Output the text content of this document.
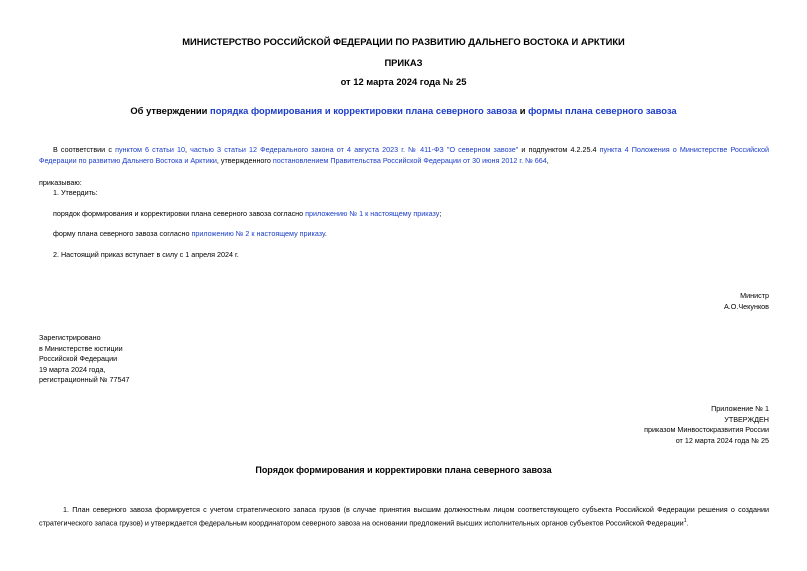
МИНИСТЕРСТВО РОССИЙСКОЙ ФЕДЕРАЦИИ ПО РАЗВИТИЮ ДАЛЬНЕГО ВОСТОКА И АРКТИКИ
ПРИКАЗ
от 12 марта 2024 года № 25
Об утверждении порядка формирования и корректировки плана северного завоза и формы плана северного завоза
В соответствии с пунктом 6 статьи 10, частью 3 статьи 12 Федерального закона от 4 августа 2023 г. № 411-ФЗ "О северном завозе" и подпунктом 4.2.25.4 пункта 4 Положения о Министерстве Российской Федерации по развитию Дальнего Востока и Арктики, утвержденного постановлением Правительства Российской Федерации от 30 июня 2012 г. № 664,
приказываю:
1. Утвердить:
порядок формирования и корректировки плана северного завоза согласно приложению № 1 к настоящему приказу;
форму плана северного завоза согласно приложению № 2 к настоящему приказу.
2. Настоящий приказ вступает в силу с 1 апреля 2024 г.
Министр
А.О.Чекунков
Зарегистрировано
в Министерстве юстиции
Российской Федерации
19 марта 2024 года,
регистрационный № 77547
Приложение № 1
УТВЕРЖДЕН
приказом Минвостокразвития России
от 12 марта 2024 года № 25
Порядок формирования и корректировки плана северного завоза
1. План северного завоза формируется с учетом стратегического запаса грузов (в случае принятия высшим должностным лицом соответствующего субъекта Российской Федерации решения о создании стратегического запаса грузов) и утверждается федеральным координатором северного завоза на основании предложений высших исполнительных органов субъектов Российской Федерации$^1$.
